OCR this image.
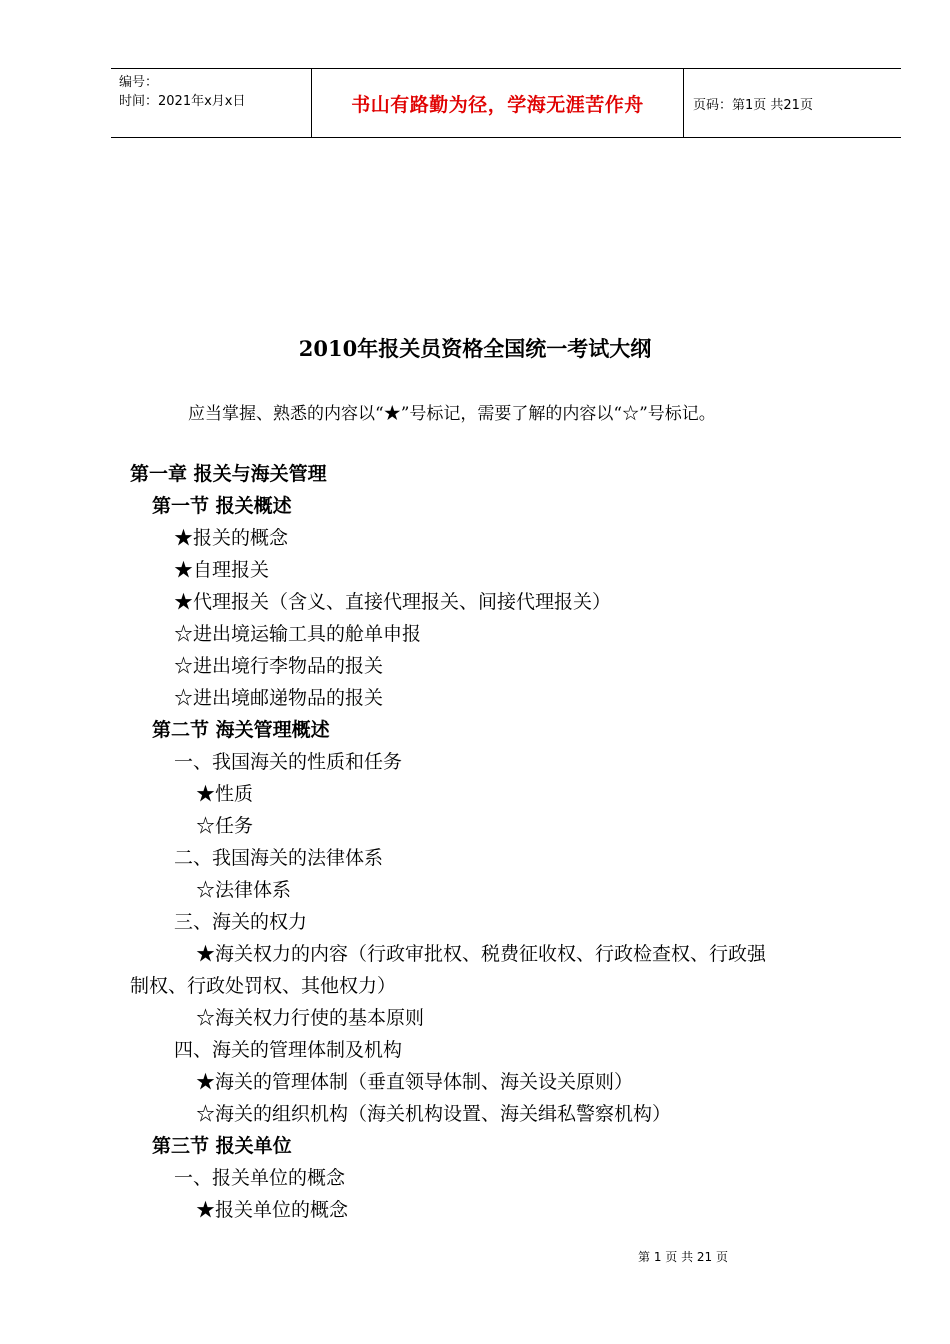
编号：
时间：2021年x月x日	书山有路勤为径，学海无涯苦作舟	页码：第1页 共21页
2010年报关员资格全国统一考试大纲
应当掌握、熟悉的内容以“★”号标记，需要了解的内容以“☆”号标记。
第一章 报关与海关管理
第一节 报关概述
★报关的概念
★自理报关
★代理报关（含义、直接代理报关、间接代理报关）
☆进出境运输工具的舱单申报
☆进出境行李物品的报关
☆进出境邮递物品的报关
第二节 海关管理概述
一、我国海关的性质和任务
★性质
☆任务
二、我国海关的法律体系
☆法律体系
三、海关的权力
★海关权力的内容（行政审批权、税费征收权、行政检查权、行政强
制权、行政处罚权、其他权力）
☆海关权力行使的基本原则
四、海关的管理体制及机构
★海关的管理体制（垂直领导体制、海关设关原则）
☆海关的组织机构（海关机构设置、海关缉私警察机构）
第三节 报关单位
一、报关单位的概念
★报关单位的概念
第 1 页 共 21 页
